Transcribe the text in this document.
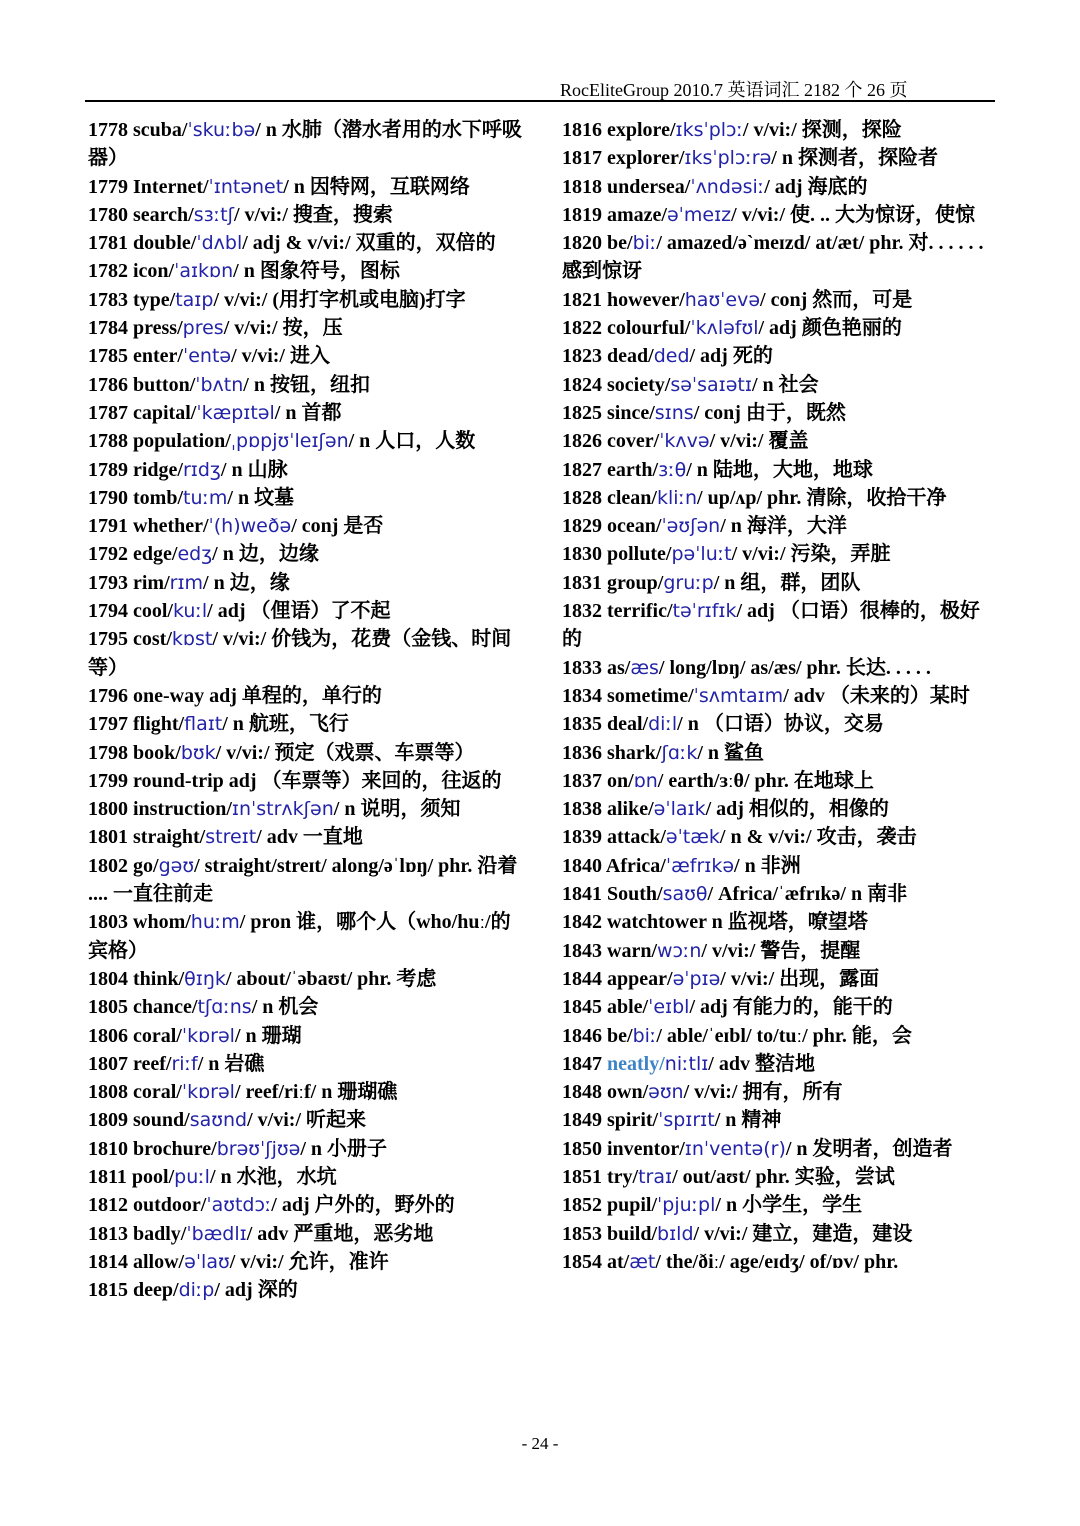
RocEliteGroup 2010.7 英语词汇 2182 个 26 页

1778 scuba/ˈskuːbə/ n 水肺（潜水者用的水下呼吸器）

1779 Internet/ˈɪntənet/ n 因特网，互联网络

1780 search/sɜːtʃ/ v/vi:/ 搜查，搜索

1781 double/ˈdʌbl/ adj & v/vi:/ 双重的，双倍的

1782 icon/ˈaɪkɒn/ n 图象符号，图标

1783 type/taɪp/ v/vi:/ (用打字机或电脑)打字

1784 press/pres/ v/vi:/ 按，压

1785 enter/ˈentə/ v/vi:/ 进入

1786 button/ˈbʌtn/ n 按钮，纽扣

1787 capital/ˈkæpɪtəl/ n 首都

1788 population/ˌpɒpjʊˈleɪʃən/ n 人口，人数

1789 ridge/rɪdʒ/ n 山脉

1790 tomb/tuːm/ n 坟墓

1791 whether/ˈ(h)weðə/ conj 是否

1792 edge/edʒ/ n 边，边缘

1793 rim/rɪm/ n 边，缘

1794 cool/kuːl/ adj （俚语）了不起

1795 cost/kɒst/ v/vi:/ 价钱为，花费（金钱、时间等）

1796 one-way adj 单程的，单行的

1797 flight/flaɪt/ n 航班，飞行

1798 book/bʊk/ v/vi:/ 预定（戏票、车票等）

1799 round-trip adj （车票等）来回的，往返的

1800 instruction/ɪnˈstrʌkʃən/ n 说明，须知

1801 straight/streɪt/ adv 一直地

1802 go/gəʊ/ straight/streɪt/ along/əˈlɒŋ/ phr. 沿着 .... 一直往前走

1803 whom/huːm/ pron 谁，哪个人（who/huː/的宾格）

1804 think/θɪŋk/ about/ˈəbaʊt/ phr. 考虑

1805 chance/tʃɑːns/ n 机会

1806 coral/ˈkɒrəl/ n 珊瑚

1807 reef/riːf/ n 岩礁

1808 coral/ˈkɒrəl/ reef/riːf/ n 珊瑚礁

1809 sound/saʊnd/ v/vi:/ 听起来

1810 brochure/brəʊˈʃjʊə/ n 小册子

1811 pool/puːl/ n 水池，水坑

1812 outdoor/ˈaʊtdɔː/ adj 户外的，野外的

1813 badly/ˈbædlɪ/ adv 严重地，恶劣地

1814 allow/əˈlaʊ/ v/vi:/ 允许，准许

1815 deep/diːp/ adj 深的

1816 explore/ɪksˈplɔː/ v/vi:/ 探测，探险

1817 explorer/ɪksˈplɔːrə/ n 探测者，探险者

1818 undersea/ˈʌndəsiː/ adj 海底的

1819 amaze/əˈmeɪz/ v/vi:/ 使. .. 大为惊讶，使惊

1820 be/biː/ amazed/əˋmeɪzd/ at/æt/ phr. 对. . . . . . 感到惊讶

1821 however/haʊˈevə/ conj 然而，可是

1822 colourful/ˈkʌləfʊl/ adj 颜色艳丽的

1823 dead/ded/ adj 死的

1824 society/səˈsaɪətɪ/ n 社会

1825 since/sɪns/ conj 由于，既然

1826 cover/ˈkʌvə/ v/vi:/ 覆盖

1827 earth/ɜːθ/ n 陆地，大地，地球

1828 clean/kliːn/ up/ʌp/ phr. 清除，收拾干净

1829 ocean/ˈəʊʃən/ n 海洋，大洋

1830 pollute/pəˈluːt/ v/vi:/ 污染，弄脏

1831 group/gruːp/ n 组，群，团队

1832 terrific/təˈrɪfɪk/ adj （口语）很棒的，极好的

1833 as/æs/ long/lɒŋ/ as/æs/ phr. 长达. . . . .

1834 sometime/ˈsʌmtaɪm/ adv （未来的）某时

1835 deal/diːl/ n （口语）协议，交易

1836 shark/ʃɑːk/ n 鲨鱼

1837 on/ɒn/ earth/ɜːθ/ phr. 在地球上

1838 alike/əˈlaɪk/ adj 相似的，相像的

1839 attack/əˈtæk/ n & v/vi:/ 攻击，袭击

1840 Africa/ˈæfrɪkə/ n 非洲

1841 South/saʊθ/ Africa/ˈæfrɪkə/ n 南非

1842 watchtower n 监视塔，嘹望塔

1843 warn/wɔːn/ v/vi:/ 警告，提醒

1844 appear/əˈpɪə/ v/vi:/ 出现，露面

1845 able/ˈeɪbl/ adj 有能力的，能干的

1846 be/biː/ able/ˈeɪbl/ to/tuː/ phr. 能，会

1847 neatly/niːtlɪ/ adv 整洁地

1848 own/əʊn/ v/vi:/ 拥有，所有

1849 spirit/ˈspɪrɪt/ n 精神

1850 inventor/ɪnˈventə(r)/ n 发明者，创造者

1851 try/traɪ/ out/aʊt/ phr. 实验，尝试

1852 pupil/ˈpjuːpl/ n 小学生，学生

1853 build/bɪld/ v/vi:/ 建立，建造，建设

1854 at/æt/ the/ðiː/ age/eɪdʒ/ of/ɒv/ phr.

- 24 -
